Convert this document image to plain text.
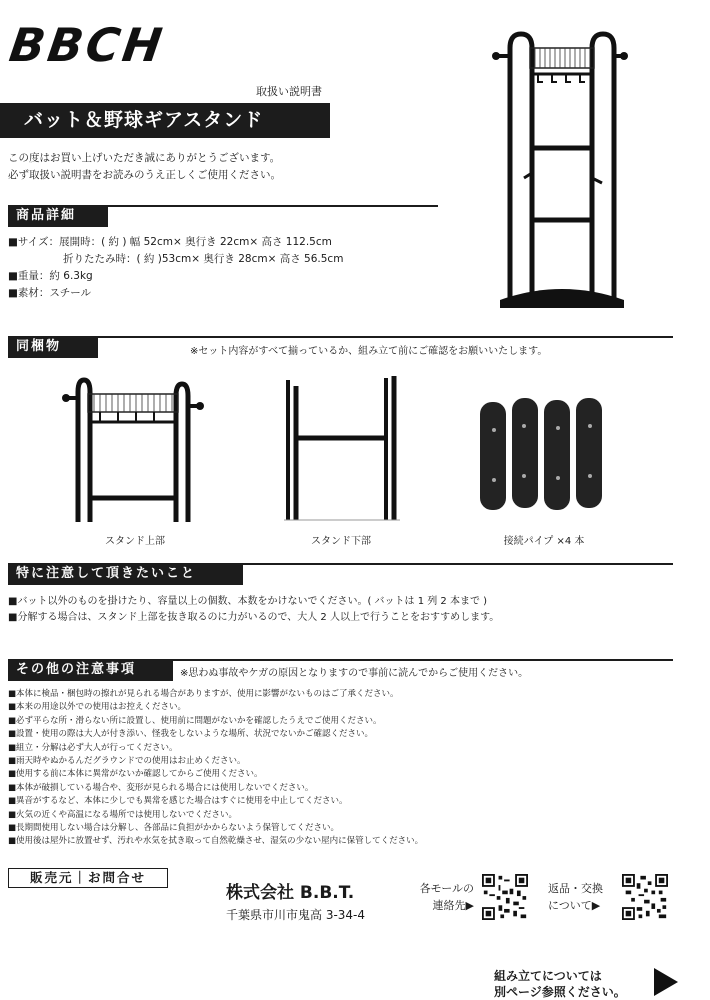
BBCH
取扱い説明書
バット＆野球ギアスタンド
この度はお買い上げいただき誠にありがとうございます。
必ず取扱い説明書をお読みのうえ正しくご使用ください。
商品詳細
■サイズ：展開時：( 約 ) 幅 52cm× 奥行き 22cm× 高さ 112.5cm
折りたたみ時：( 約 )53cm× 奥行き 28cm× 高さ 56.5cm
■重量：約 6.3kg
■素材：スチール
同梱物	※セット内容がすべて揃っているか、組み立て前にご確認をお願いいたします。
スタンド上部	スタンド下部	接続パイプ ×4 本
特に注意して頂きたいこと
■バット以外のものを掛けたり、容量以上の個数、本数をかけないでください。( バットは 1 列 2 本まで )
■分解する場合は、スタンド上部を抜き取るのに力がいるので、大人 2 人以上で行うことをおすすめします。
その他の注意事項	※思わぬ事故やケガの原因となりますので事前に読んでからご使用ください。
■本体に検品・梱包時の擦れが見られる場合がありますが、使用に影響がないものはご了承ください。
■本来の用途以外での使用はお控えください。
■必ず平らな所・滑らない所に設置し、使用前に問題がないかを確認したうえでご使用ください。
■設置・使用の際は大人が付き添い、怪我をしないような場所、状況でないかご確認ください。
■組立・分解は必ず大人が行ってください。
■雨天時やぬかるんだグラウンドでの使用はお止めください。
■使用する前に本体に異常がないか確認してからご使用ください。
■本体が破損している場合や、変形が見られる場合には使用しないでください。
■異音がするなど、本体に少しでも異常を感じた場合はすぐに使用を中止してください。
■火気の近くや高温になる場所では使用しないでください。
■長期間使用しない場合は分解し、各部品に負担がかからないよう保管してください。
■使用後は屋外に放置せず、汚れや水気を拭き取って自然乾燥させ、湿気の少ない屋内に保管してください。
販売元｜お問合せ
株式会社 B.B.T.
千葉県市川市鬼高 3-34-4
各モールの
連絡先▶
返品・交換
について▶
組み立てについては
別ページ参照ください。
